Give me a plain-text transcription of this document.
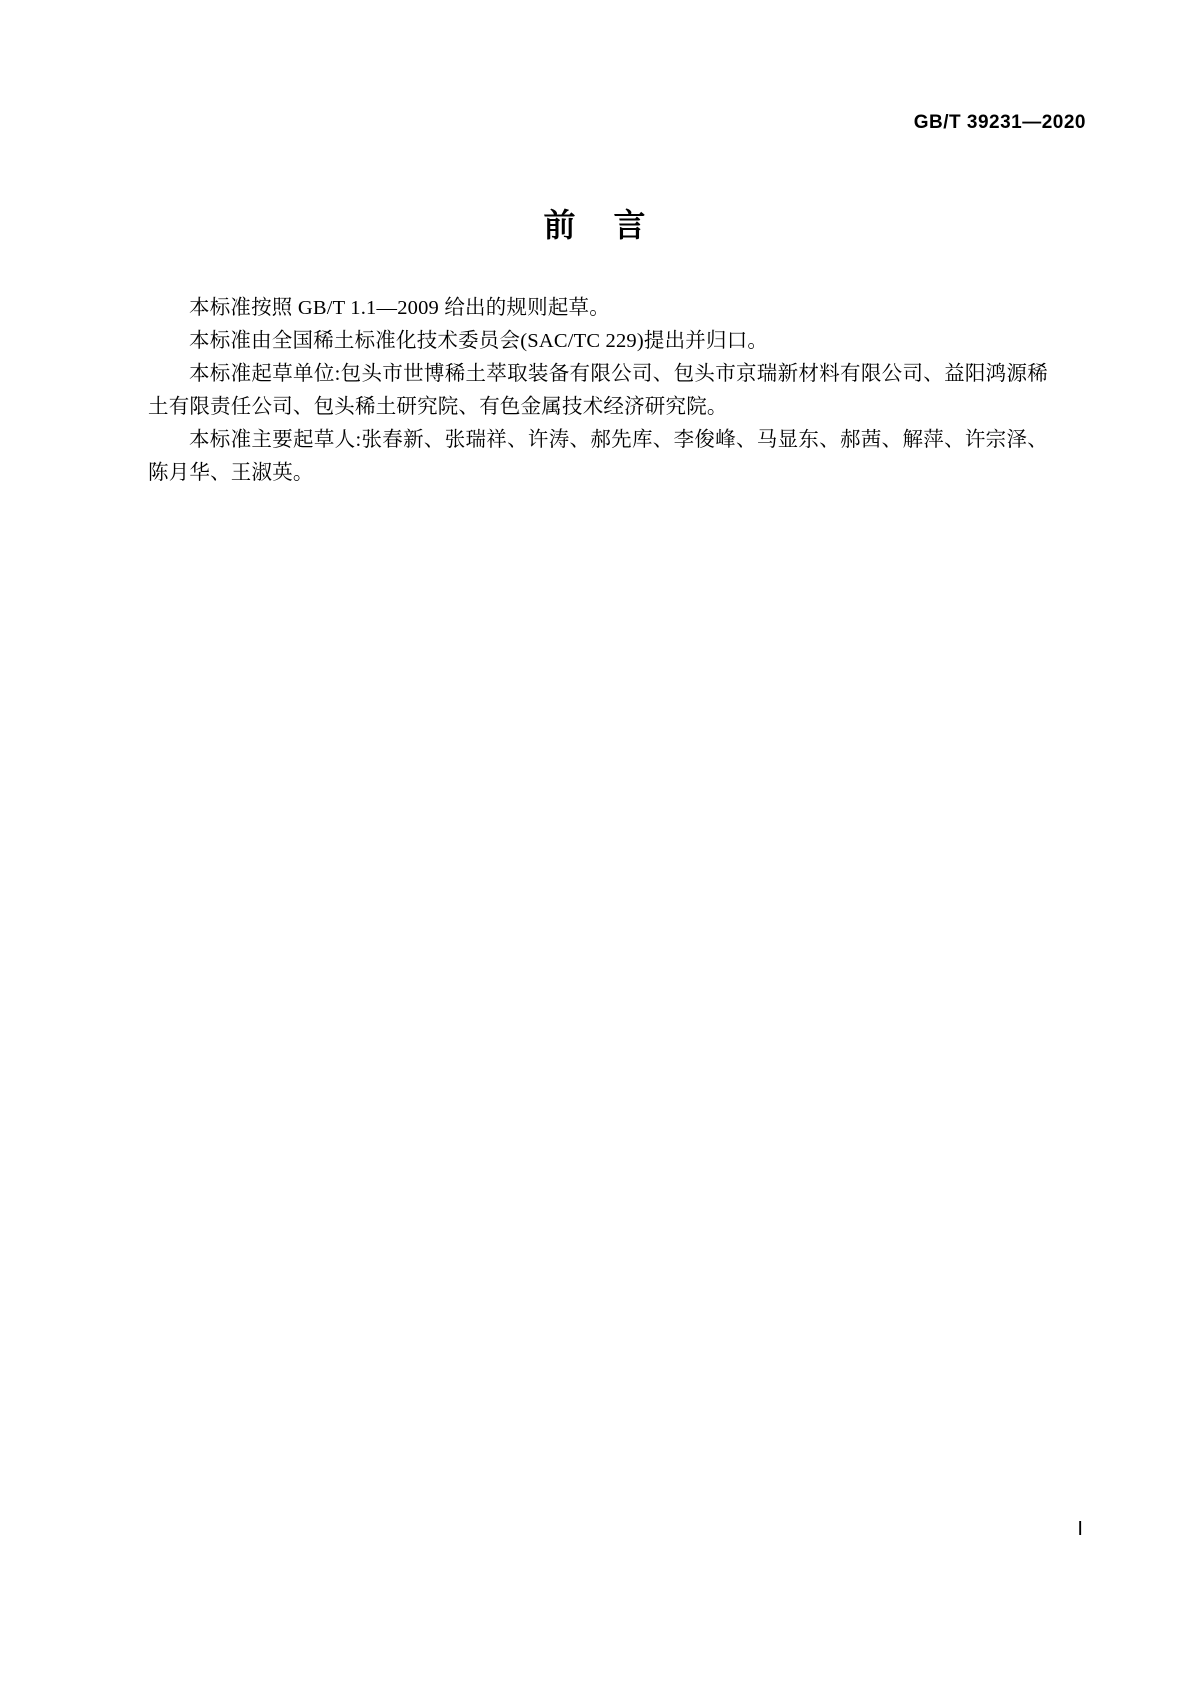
GB/T 39231—2020
前 言

本标准按照 GB/T 1.1—2009 给出的规则起草。

本标准由全国稀土标准化技术委员会(SAC/TC 229)提出并归口。

本标准起草单位:包头市世博稀土萃取装备有限公司、包头市京瑞新材料有限公司、益阳鸿源稀土有限责任公司、包头稀土研究院、有色金属技术经济研究院。

本标准主要起草人:张春新、张瑞祥、许涛、郝先库、李俊峰、马显东、郝茜、解萍、许宗泽、陈月华、王淑英。

Ⅰ
